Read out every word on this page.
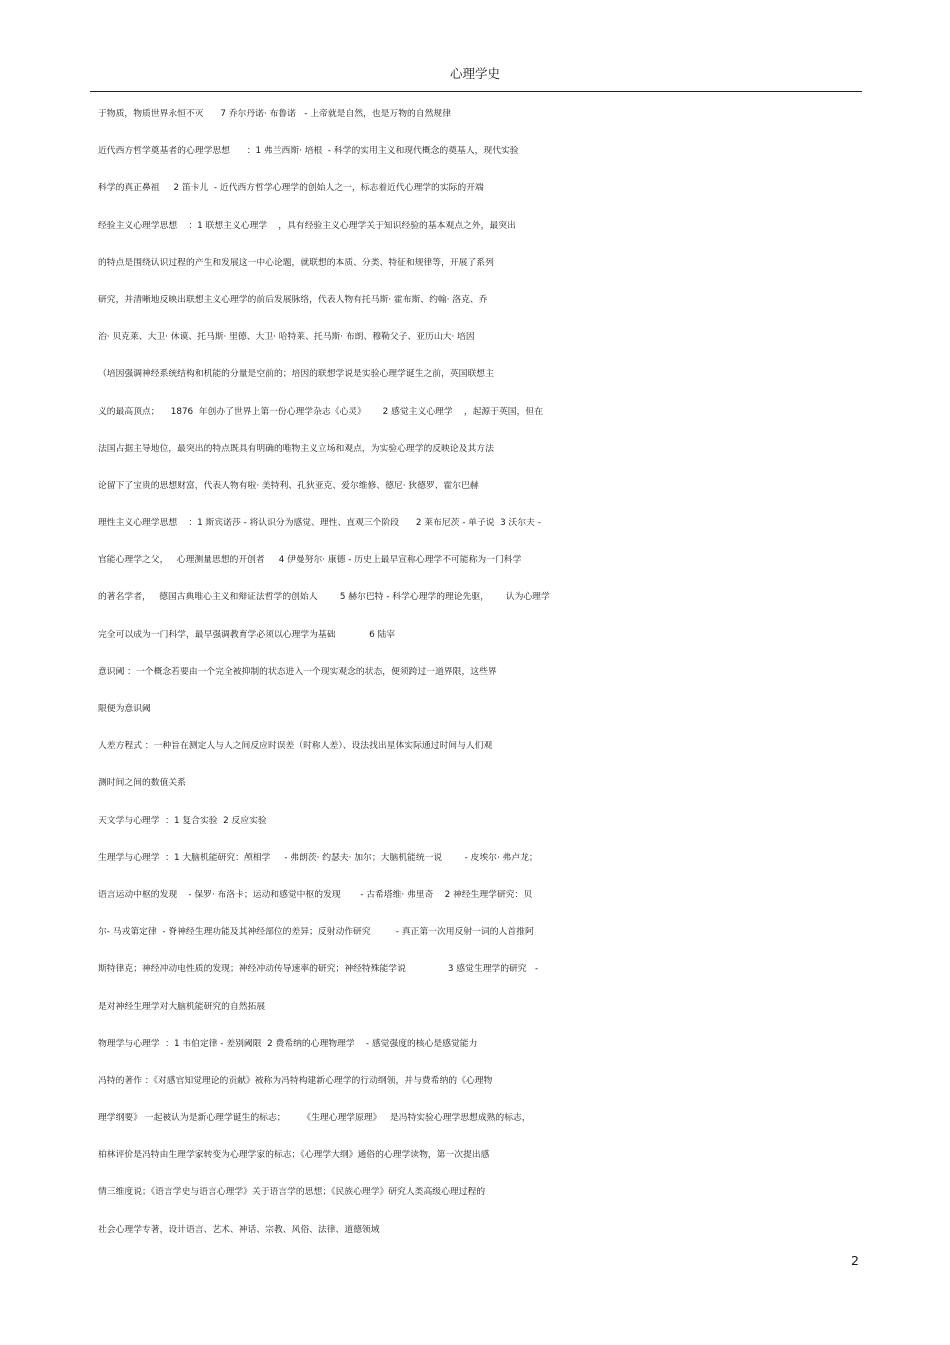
心理学史
于物质，物质世界永恒不灭      7 乔尔丹诺· 布鲁诺   - 上帝就是自然，也是万物的自然规律
近代西方哲学奠基者的心理学思想      ：1 弗兰西斯· 培根  - 科学的实用主义和现代概念的奠基人，现代实验
科学的真正鼻祖     2 笛卡儿  - 近代西方哲学心理学的创始人之一，标志着近代心理学的实际的开端
经验主义心理学思想    ：1 联想主义心理学    ，具有经验主义心理学关于知识经验的基本观点之外，最突出
的特点是围绕认识过程的产生和发展这一中心论题，就联想的本质、分类、特征和规律等，开展了系列
研究，并清晰地反映出联想主义心理学的前后发展脉络，代表人物有托马斯· 霍布斯、约翰· 洛克、乔
治· 贝克莱、大卫· 休谟、托马斯· 里德、大卫· 哈特莱、托马斯· 布朗、穆勒父子、亚历山大· 培因
（培因强调神经系统结构和机能的分量是空前的；培因的联想学说是实验心理学诞生之前，英国联想主
义的最高顶点；    1876  年创办了世界上第一份心理学杂志《心灵》      2 感觉主义心理学    ，起源于英国，但在
法国占据主导地位，最突出的特点既具有明确的唯物主义立场和观点，为实验心理学的反映论及其方法
论留下了宝贵的思想财富，代表人物有啦· 美特利、孔狄亚克、爱尔维修、德尼· 狄德罗、霍尔巴赫
理性主义心理学思想    ：1 斯宾诺莎 - 将认识分为感觉、理性、直观三个阶段      2 莱布尼茨 - 单子说  3 沃尔夫 -
官能心理学之父，   心理测量思想的开创者     4 伊曼努尔· 康德 - 历史上最早宣称心理学不可能称为一门科学
的著名学者，   德国古典唯心主义和辩证法哲学的创始人        5 赫尔巴特 - 科学心理学的理论先驱，      认为心理学
完全可以成为一门科学，最早强调教育学必须以心理学为基础            6 陆宰
意识阈 ：一个概念若要由一个完全被抑制的状态进入一个现实观念的状态，便须跨过一道界限，这些界
限便为意识阈
人差方程式 ：一种旨在测定人与人之间反应时误差（时称人差）、设法找出星体实际通过时间与人们观
测时间之间的数值关系
天文学与心理学  ：1 复合实验  2 反应实验
生理学与心理学  ：1 大脑机能研究：颅相学     - 弗朗茨· 约瑟夫· 加尔；大脑机能统一说        - 皮埃尔· 弗卢龙；
语言运动中枢的发现    - 保罗· 布洛卡；运动和感觉中枢的发现       - 古希塔维· 弗里奇    2 神经生理学研究：贝
尔- 马戎第定律  - 脊神经生理功能及其神经部位的差异；反射动作研究         - 真正第一次用反射一词的人首推阿
斯特律克；神经冲动电性质的发现；神经冲动传导速率的研究；神经特殊能学说               3 感觉生理学的研究   -
是对神经生理学对大脑机能研究的自然拓展
物理学与心理学  ：1 韦伯定律 - 差别阈限  2 费希纳的心理物理学    - 感觉强度的核心是感觉能力
冯特的著作 ：《对感官知觉理论的贡献》被称为冯特构建新心理学的行动纲领，并与费希纳的《心理物
理学纲要》 一起被认为是新心理学诞生的标志；      《生理心理学原理》   是冯特实验心理学思想成熟的标志，
柏林评价是冯特由生理学家转变为心理学家的标志；《心理学大纲》通俗的心理学读物，第一次提出感
情三维度说；《语言学史与语言心理学》关于语言学的思想；《民族心理学》研究人类高级心理过程的
社会心理学专著，设计语言、艺术、神话、宗教、风俗、法律、道德领域
2
